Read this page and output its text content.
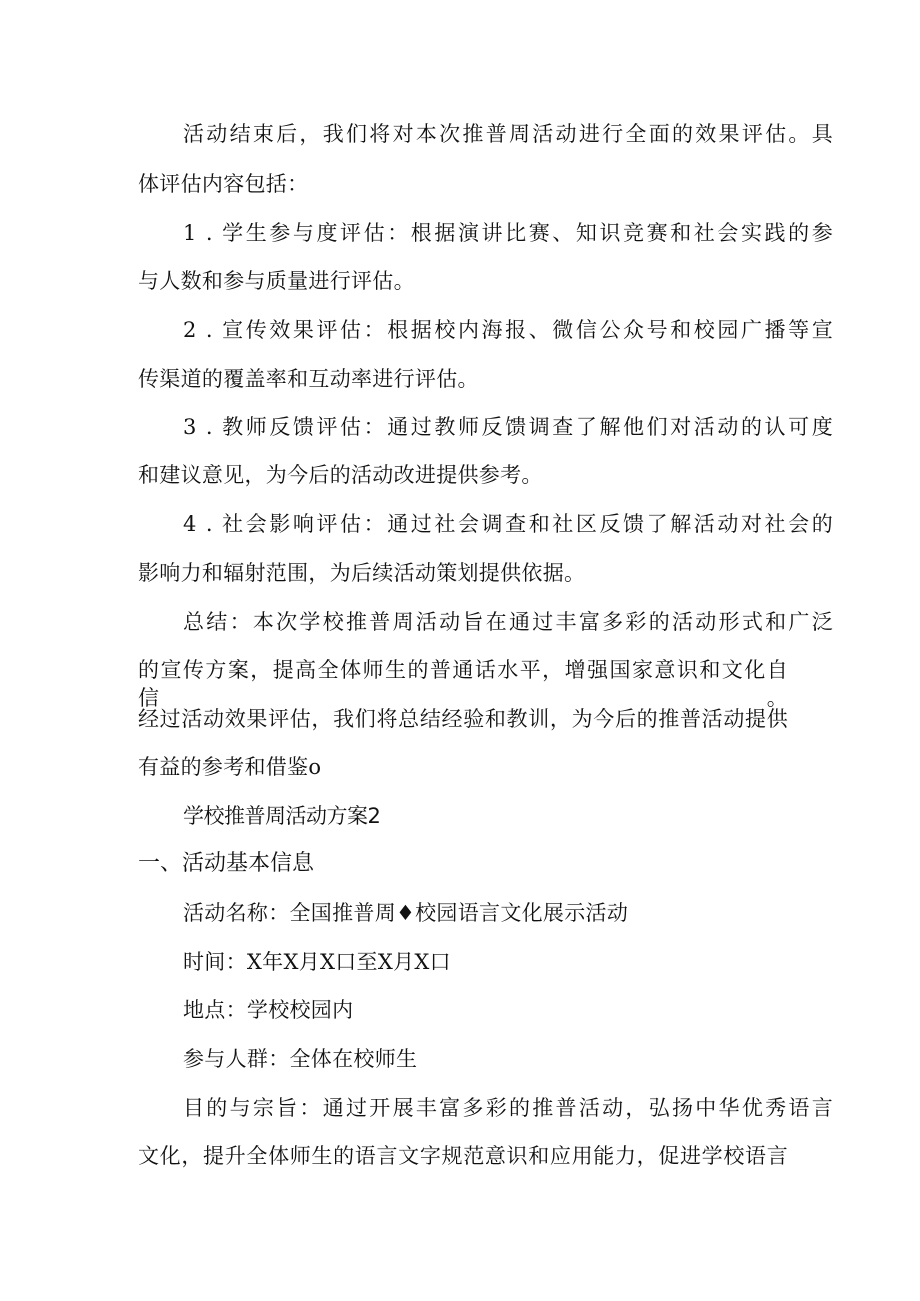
活动结束后，我们将对本次推普周活动进行全面的效果评估。具
体评估内容包括：
1 . 学生参与度评估：根据演讲比赛、知识竞赛和社会实践的参
与人数和参与质量进行评估。
2 . 宣传效果评估：根据校内海报、微信公众号和校园广播等宣
传渠道的覆盖率和互动率进行评估。
3 . 教师反馈评估：通过教师反馈调查了解他们对活动的认可度
和建议意见，为今后的活动改进提供参考。
4 . 社会影响评估：通过社会调查和社区反馈了解活动对社会的
影响力和辐射范围，为后续活动策划提供依据。
总结：本次学校推普周活动旨在通过丰富多彩的活动形式和广泛
的宣传方案，提高全体师生的普通话水平，增强国家意识和文化自信。
经过活动效果评估，我们将总结经验和教训，为今后的推普活动提供
有益的参考和借鉴o
学校推普周活动方案2
一、活动基本信息
活动名称：全国推普周♦校园语言文化展示活动
时间：X年X月X口至X月X口
地点：学校校园内
参与人群：全体在校师生
目的与宗旨：通过开展丰富多彩的推普活动，弘扬中华优秀语言
文化，提升全体师生的语言文字规范意识和应用能力，促进学校语言
